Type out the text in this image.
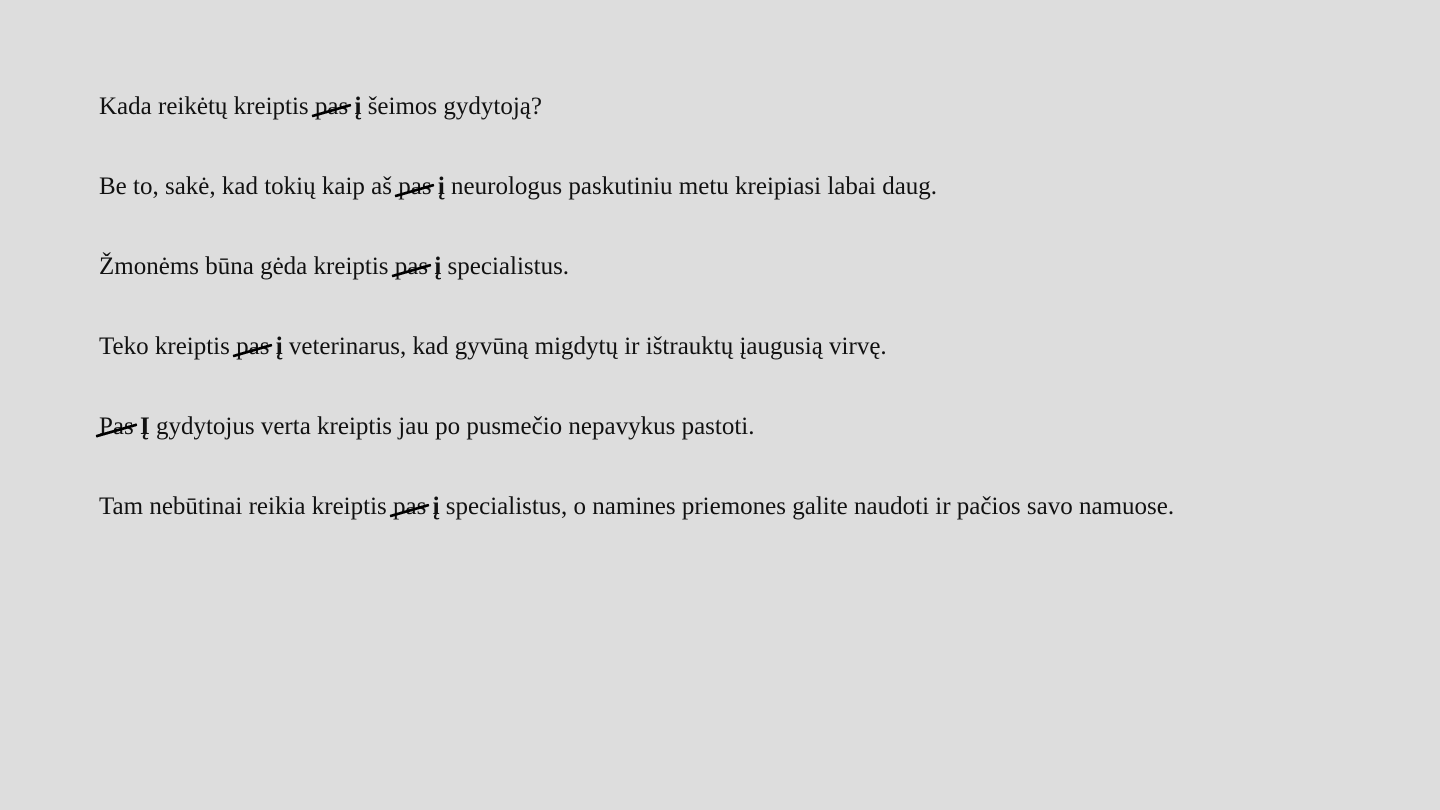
Kada reikėtų kreiptis pas į šeimos gydytoją?

Be to, sakė, kad tokių kaip aš pas į neurologus paskutiniu metu kreipiasi labai daug.

Žmonėms būna gėda kreiptis pas į specialistus.

Teko kreiptis pas į veterinarus, kad gyvūną migdytų ir ištrauktų įaugusią virvę.

Pas Į gydytojus verta kreiptis jau po pusmečio nepavykus pastoti.

Tam nebūtinai reikia kreiptis pas į specialistus, o namines priemones galite naudoti ir pačios savo namuose.
